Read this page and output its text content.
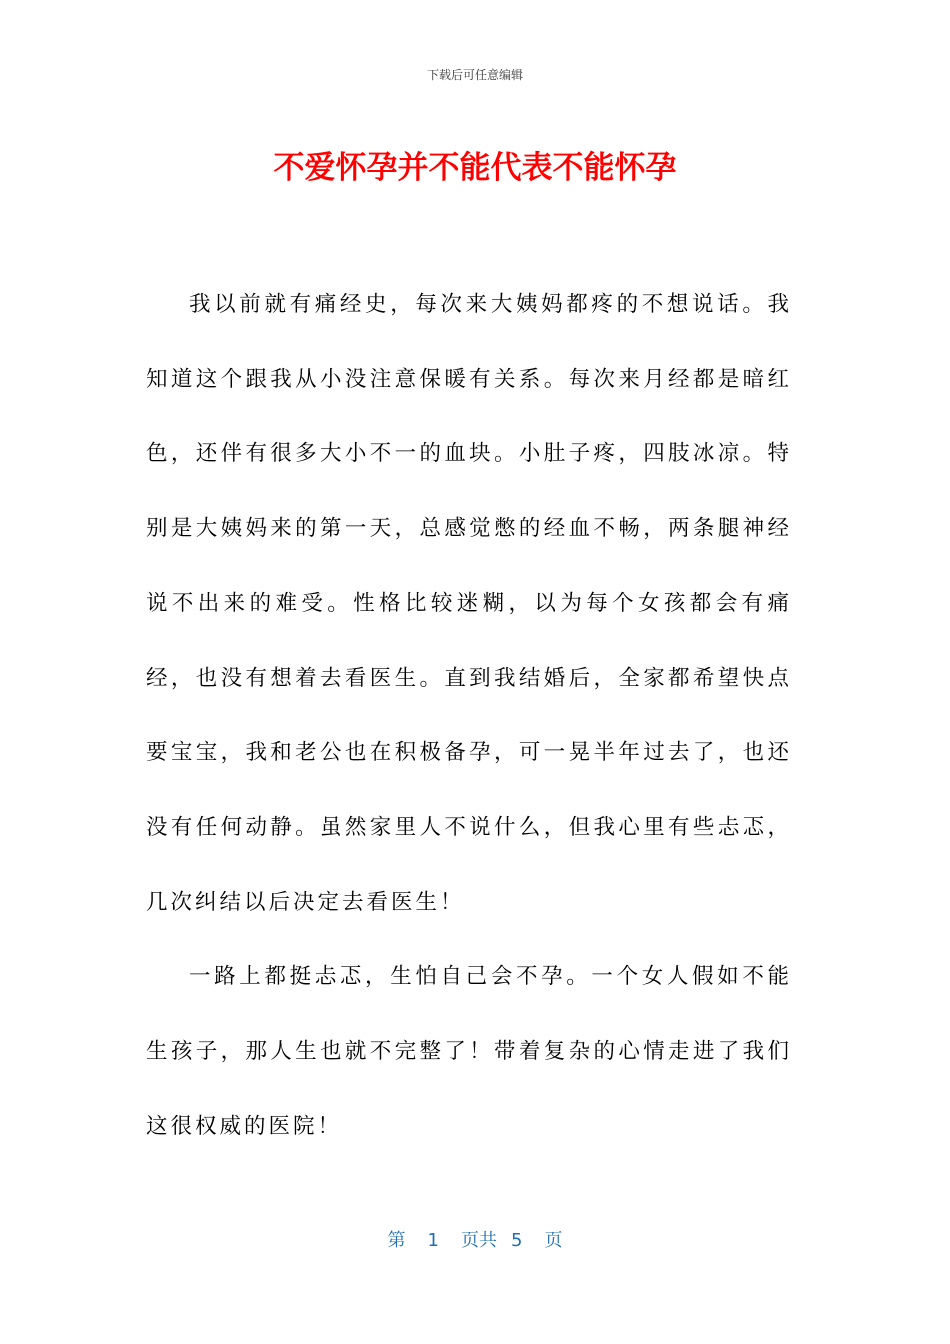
下载后可任意编辑
不爱怀孕并不能代表不能怀孕

我以前就有痛经史，每次来大姨妈都疼的不想说话。我知道这个跟我从小没注意保暖有关系。每次来月经都是暗红色，还伴有很多大小不一的血块。小肚子疼，四肢冰凉。特别是大姨妈来的第一天，总感觉憋的经血不畅，两条腿神经说不出来的难受。性格比较迷糊，以为每个女孩都会有痛经，也没有想着去看医生。直到我结婚后，全家都希望快点要宝宝，我和老公也在积极备孕，可一晃半年过去了，也还没有任何动静。虽然家里人不说什么，但我心里有些忐忑，几次纠结以后决定去看医生！

一路上都挺忐忑，生怕自己会不孕。一个女人假如不能生孩子，那人生也就不完整了！带着复杂的心情走进了我们这很权威的医院！

第 1 页共 5 页
